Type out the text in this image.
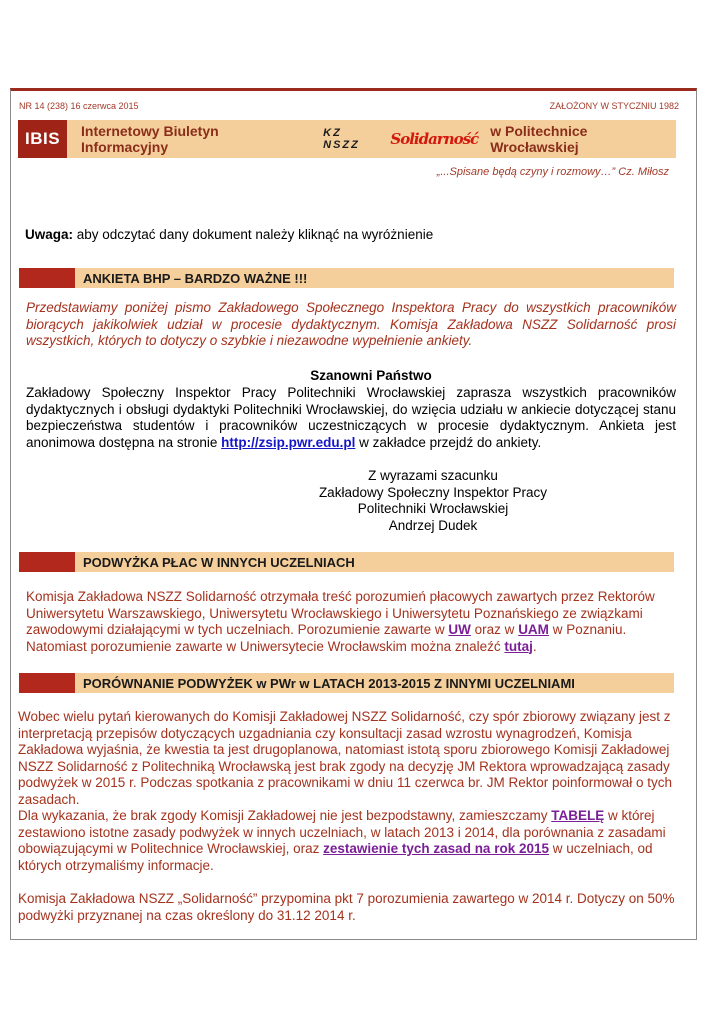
NR 14 (238) 16 czerwca 2015	ZAŁOŻONY W STYCZNIU 1982
IBIS	Internetowy Biuletyn Informacyjny
KZ NSZZ	Solidarność w Politechnice Wrocławskiej
„...Spisane będą czyny i rozmowy…” Cz. Miłosz
Uwaga: aby odczytać dany dokument należy kliknąć na wyróżnienie
ANKIETA BHP – BARDZO WAŻNE !!!
Przedstawiamy poniżej pismo Zakładowego Społecznego Inspektora Pracy do wszystkich pracowników biorących jakikolwiek udział w procesie dydaktycznym. Komisja Zakładowa NSZZ Solidarność prosi wszystkich, których to dotyczy o szybkie i niezawodne wypełnienie ankiety.
Szanowni Państwo
Zakładowy Społeczny Inspektor Pracy Politechniki Wrocławskiej zaprasza wszystkich pracowników dydaktycznych i obsługi dydaktyki Politechniki Wrocławskiej, do wzięcia udziału w ankiecie dotyczącej stanu bezpieczeństwa studentów i pracowników uczestniczących w procesie dydaktycznym. Ankieta jest anonimowa dostępna na stronie http://zsip.pwr.edu.pl w zakładce przejdź do ankiety.
Z wyrazami szacunku
Zakładowy Społeczny Inspektor Pracy
Politechniki Wrocławskiej
Andrzej Dudek
PODWYŻKA PŁAC W INNYCH UCZELNIACH
Komisja Zakładowa NSZZ Solidarność otrzymała treść porozumień płacowych zawartych przez Rektorów Uniwersytetu Warszawskiego, Uniwersytetu Wrocławskiego i Uniwersytetu Poznańskiego ze związkami zawodowymi działającymi w tych uczelniach. Porozumienie zawarte w UW oraz w UAM w Poznaniu. Natomiast porozumienie zawarte w Uniwersytecie Wrocławskim można znaleźć tutaj.
PORÓWNANIE PODWYŻEK w PWr w LATACH 2013-2015 Z INNYMI UCZELNIAMI
Wobec wielu pytań kierowanych do Komisji Zakładowej NSZZ Solidarność, czy spór zbiorowy związany jest z interpretacją przepisów dotyczących uzgadniania czy konsultacji zasad wzrostu wynagrodzeń, Komisja Zakładowa wyjaśnia, że kwestia ta jest drugoplanowa, natomiast istotą sporu zbiorowego Komisji Zakładowej NSZZ Solidarność z Politechniką Wrocławską jest brak zgody na decyzję JM Rektora wprowadzającą zasady podwyżek w 2015 r. Podczas spotkania z pracownikami w dniu 11 czerwca br. JM Rektor poinformował o tych zasadach.
Dla wykazania, że brak zgody Komisji Zakładowej nie jest bezpodstawny, zamieszczamy TABELĘ w której zestawiono istotne zasady podwyżek w innych uczelniach, w latach 2013 i 2014, dla porównania z zasadami obowiązującymi w Politechnice Wrocławskiej, oraz zestawienie tych zasad na rok 2015 w uczelniach, od których otrzymaliśmy informacje.
Komisja Zakładowa NSZZ „Solidarność” przypomina pkt 7 porozumienia zawartego w 2014 r. Dotyczy on 50% podwyżki przyznanej na czas określony do 31.12 2014 r.
